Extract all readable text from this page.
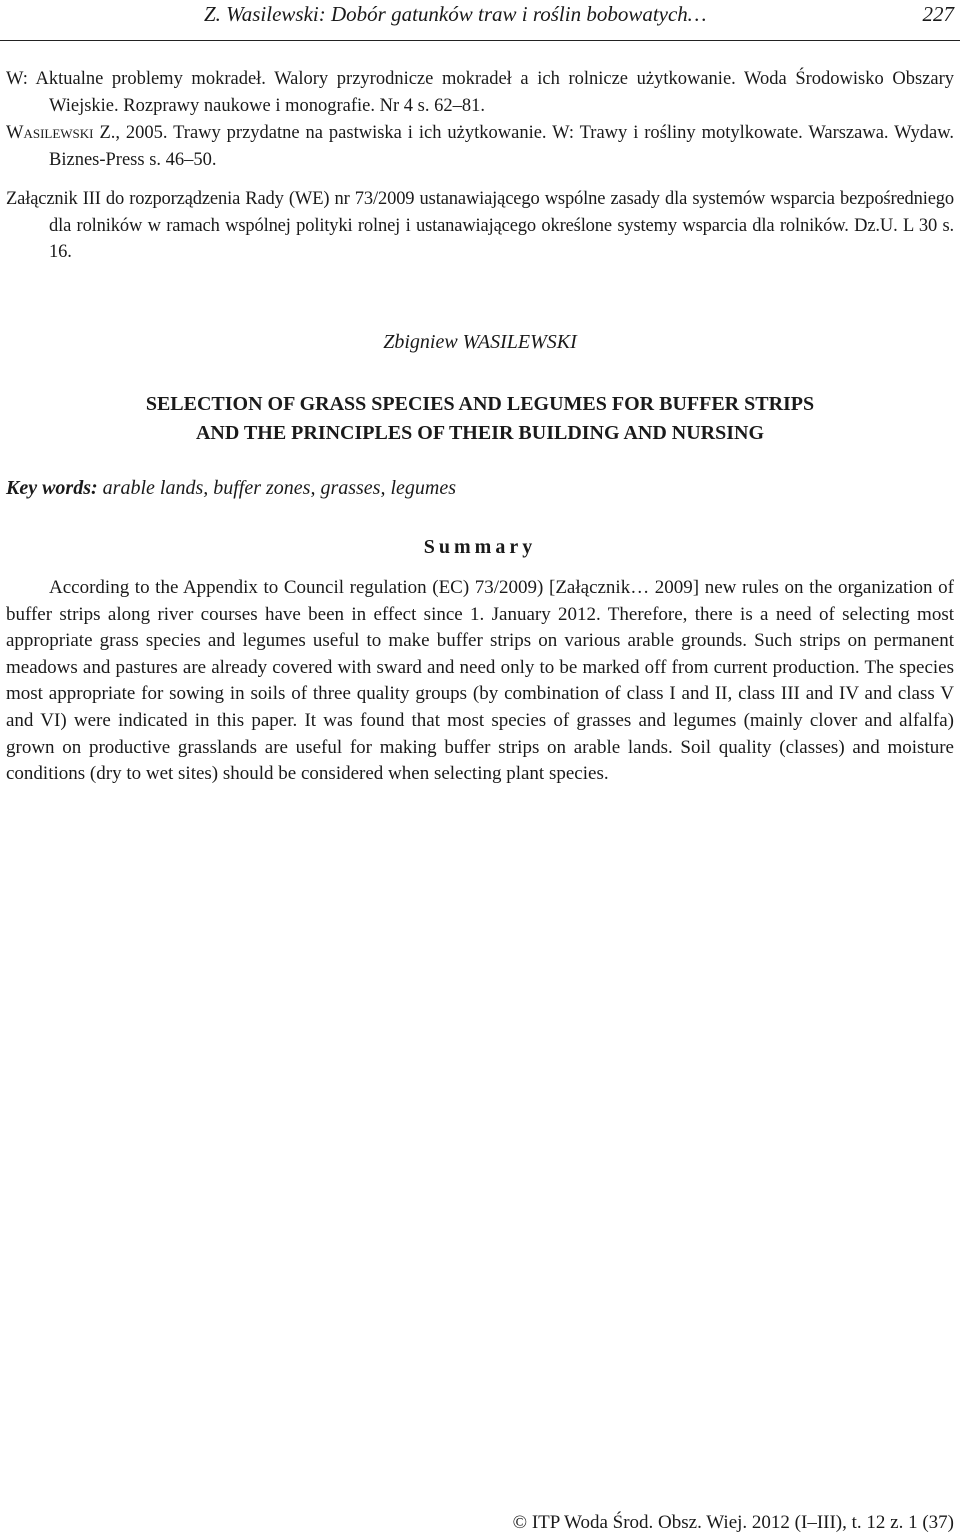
Z. Wasilewski: Dobór gatunków traw i roślin bobowatych…	227
W: Aktualne problemy mokradeł. Walory przyrodnicze mokradeł a ich rolnicze użytkowanie. Woda Środowisko Obszary Wiejskie. Rozprawy naukowe i monografie. Nr 4 s. 62–81.
Wasilewski Z., 2005. Trawy przydatne na pastwiska i ich użytkowanie. W: Trawy i rośliny motylkowate. Warszawa. Wydaw. Biznes-Press s. 46–50.
Załącznik III do rozporządzenia Rady (WE) nr 73/2009 ustanawiającego wspólne zasady dla systemów wsparcia bezpośredniego dla rolników w ramach wspólnej polityki rolnej i ustanawiającego określone systemy wsparcia dla rolników. Dz.U. L 30 s. 16.
Zbigniew WASILEWSKI
SELECTION OF GRASS SPECIES AND LEGUMES FOR BUFFER STRIPS
AND THE PRINCIPLES OF THEIR BUILDING AND NURSING
Key words: arable lands, buffer zones, grasses, legumes
Summary
According to the Appendix to Council regulation (EC) 73/2009) [Załącznik… 2009] new rules on the organization of buffer strips along river courses have been in effect since 1. January 2012. Therefore, there is a need of selecting most appropriate grass species and legumes useful to make buffer strips on various arable grounds. Such strips on permanent meadows and pastures are already covered with sward and need only to be marked off from current production. The species most appropriate for sowing in soils of three quality groups (by combination of class I and II, class III and IV and class V and VI) were indicated in this paper. It was found that most species of grasses and legumes (mainly clover and alfalfa) grown on productive grasslands are useful for making buffer strips on arable lands. Soil quality (classes) and moisture conditions (dry to wet sites) should be considered when selecting plant species.
© ITP Woda Środ. Obsz. Wiej. 2012 (I–III), t. 12 z. 1 (37)
